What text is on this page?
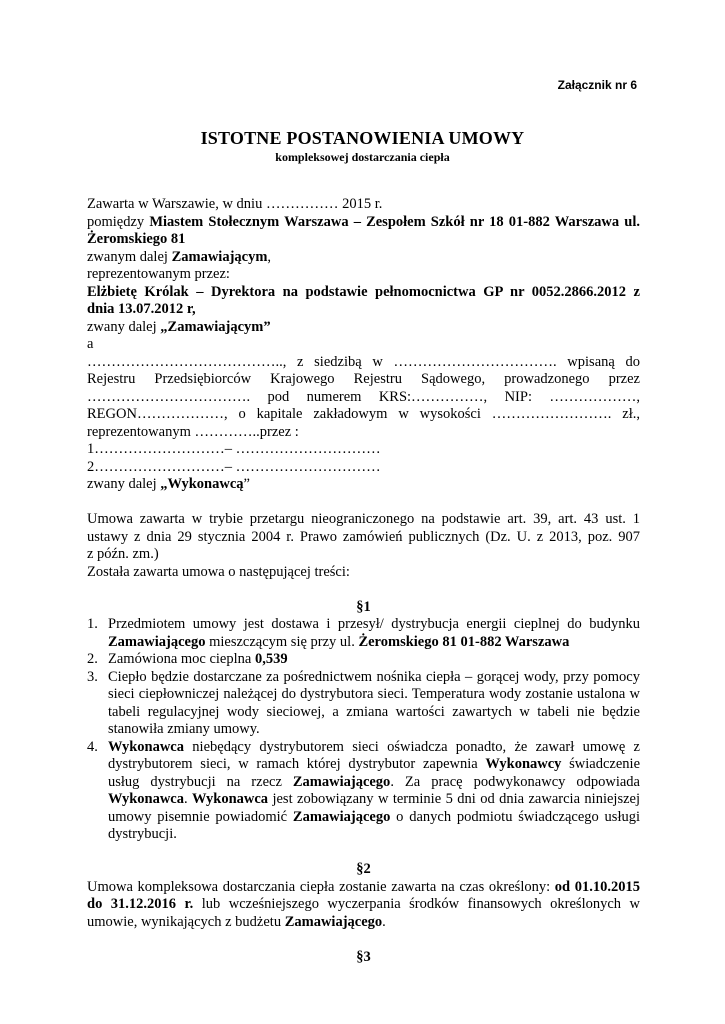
Załącznik nr 6
ISTOTNE POSTANOWIENIA UMOWY
kompleksowej dostarczania ciepła

Zawarta w Warszawie, w dniu …………… 2015 r.

pomiędzy Miastem Stołecznym Warszawa – Zespołem Szkół nr 18 01-882 Warszawa ul.

Żeromskiego 81

zwanym dalej Zamawiającym,

reprezentowanym przez:

Elżbietę Królak – Dyrektora na podstawie pełnomocnictwa GP nr 0052.2866.2012 z

dnia 13.07.2012 r,

zwany dalej „Zamawiającym”

a

………………………………….., z siedzibą w ……………………………. wpisaną do

Rejestru Przedsiębiorców Krajowego Rejestru Sądowego, prowadzonego przez

……………………………. pod numerem KRS:……………, NIP: ………………,

REGON………………, o kapitale zakładowym w wysokości ……………………. zł.,

reprezentowanym …………..przez :

1………………………– …………………………

2………………………– …………………………

zwany dalej „Wykonawcą”

Umowa zawarta w trybie przetargu nieograniczonego na podstawie art. 39, art. 43 ust. 1

ustawy z dnia 29 stycznia 2004 r. Prawo zamówień publicznych (Dz. U. z 2013, poz. 907

z późn. zm.)

Została zawarta umowa o następującej treści:

§1

1. Przedmiotem umowy jest dostawa i przesył/ dystrybucja energii cieplnej do budynku Zamawiającego mieszczącym się przy ul. Żeromskiego 81 01-882 Warszawa
2. Zamówiona moc cieplna 0,539
3. Ciepło będzie dostarczane za pośrednictwem nośnika ciepła – gorącej wody, przy pomocy sieci ciepłowniczej należącej do dystrybutora sieci. Temperatura wody zostanie ustalona w tabeli regulacyjnej wody sieciowej, a zmiana wartości zawartych w tabeli nie będzie stanowiła zmiany umowy.
4. Wykonawca niebędący dystrybutorem sieci oświadcza ponadto, że zawarł umowę z dystrybutorem sieci, w ramach której dystrybutor zapewnia Wykonawcy świadczenie usług dystrybucji na rzecz Zamawiającego. Za pracę podwykonawcy odpowiada Wykonawca. Wykonawca jest zobowiązany w terminie 5 dni od dnia zawarcia niniejszej umowy pisemnie powiadomić Zamawiającego o danych podmiotu świadczącego usługi dystrybucji.

§2

Umowa kompleksowa dostarczania ciepła zostanie zawarta na czas określony: od 01.10.2015 do 31.12.2016 r. lub wcześniejszego wyczerpania środków finansowych określonych w umowie, wynikających z budżetu Zamawiającego.

§3
